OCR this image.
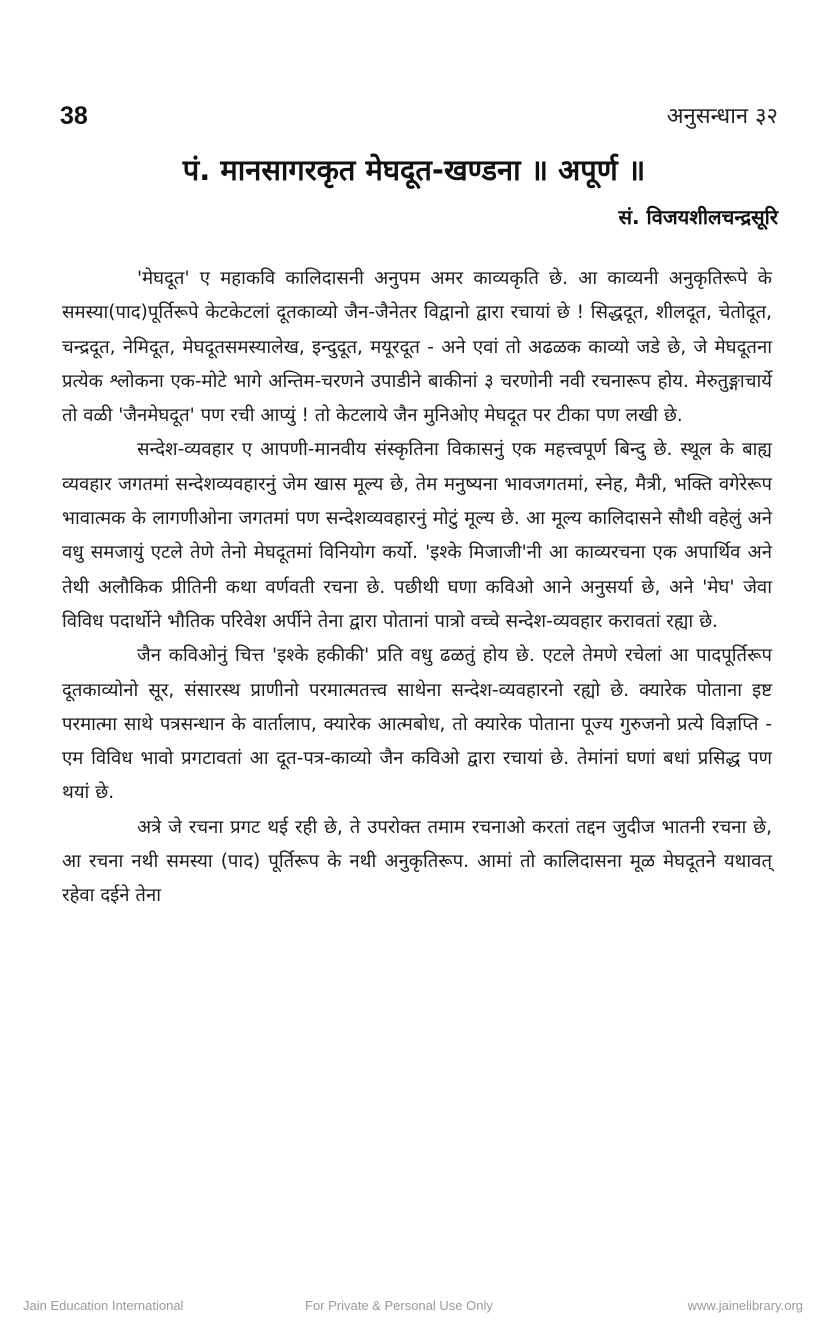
38	अनुसन्धान ३२
पं. मानसागरकृत मेघदूत-खण्डना ॥ अपूर्ण ॥
सं. विजयशीलचन्द्रसूरि

'मेघदूत' ए महाकवि कालिदासनी अनुपम अमर काव्यकृति छे. आ काव्यनी अनुकृतिरूपे के समस्या(पाद)पूर्तिरूपे केटकेटलां दूतकाव्यो जैन-जैनेतर विद्वानो द्वारा रचायां छे ! सिद्धदूत, शीलदूत, चेतोदूत, चन्द्रदूत, नेमिदूत, मेघदूतसमस्यालेख, इन्दुदूत, मयूरदूत - अने एवां तो अढळक काव्यो जडे छे, जे मेघदूतना प्रत्येक श्लोकना एक-मोटे भागे अन्तिम-चरणने उपाडीने बाकीनां ३ चरणोनी नवी रचनारूप होय. मेरुतुङ्गाचार्ये तो वळी 'जैनमेघदूत' पण रची आप्युं ! तो केटलाये जैन मुनिओए मेघदूत पर टीका पण लखी छे.

सन्देश-व्यवहार ए आपणी-मानवीय संस्कृतिना विकासनुं एक महत्त्वपूर्ण बिन्दु छे. स्थूल के बाह्य व्यवहार जगतमां सन्देशव्यवहारनुं जेम खास मूल्य छे, तेम मनुष्यना भावजगतमां, स्नेह, मैत्री, भक्ति वगेरेरूप भावात्मक के लागणीओना जगतमां पण सन्देशव्यवहारनुं मोटुं मूल्य छे. आ मूल्य कालिदासने सौथी वहेलुं अने वधु समजायुं एटले तेणे तेनो मेघदूतमां विनियोग कर्यो. 'इश्के मिजाजी'नी आ काव्यरचना एक अपार्थिव अने तेथी अलौकिक प्रीतिनी कथा वर्णवती रचना छे. पछीथी घणा कविओ आने अनुसर्या छे, अने 'मेघ' जेवा विविध पदार्थोने भौतिक परिवेश अर्पीने तेना द्वारा पोतानां पात्रो वच्चे सन्देश-व्यवहार करावतां रह्या छे.

जैन कविओनुं चित्त 'इश्के हकीकी' प्रति वधु ढळतुं होय छे. एटले तेमणे रचेलां आ पादपूर्तिरूप दूतकाव्योनो सूर, संसारस्थ प्राणीनो परमात्मतत्त्व साथेना सन्देश-व्यवहारनो रह्यो छे. क्यारेक पोताना इष्ट परमात्मा साथे पत्रसन्धान के वार्तालाप, क्यारेक आत्मबोध, तो क्यारेक पोताना पूज्य गुरुजनो प्रत्ये विज्ञप्ति - एम विविध भावो प्रगटावतां आ दूत-पत्र-काव्यो जैन कविओ द्वारा रचायां छे. तेमांनां घणां बधां प्रसिद्ध पण थयां छे.

अत्रे जे रचना प्रगट थई रही छे, ते उपरोक्त तमाम रचनाओ करतां तद्दन जुदीज भातनी रचना छे, आ रचना नथी समस्या (पाद) पूर्तिरूप के नथी अनुकृतिरूप. आमां तो कालिदासना मूळ मेघदूतने यथावत् रहेवा दईने तेना

Jain Education International	For Private & Personal Use Only	www.jainelibrary.org
